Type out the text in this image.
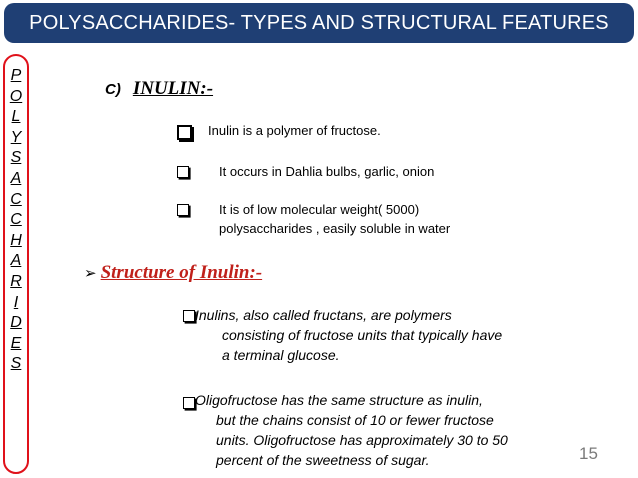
POLYSACCHARIDES- TYPES AND STRUCTURAL FEATURES
P
O
L
Y
S
A
C
C
H
A
R
I
D
E
S
C) INULIN:-
Inulin is a polymer of fructose.
It occurs in Dahlia bulbs, garlic, onion
It is of low molecular weight( 5000)
polysaccharides , easily soluble in water
➢ Structure of Inulin:-
Inulins, also called fructans, are polymers
consisting of fructose units that typically have
a terminal glucose.
Oligofructose has the same structure as inulin,
but the chains consist of 10 or fewer fructose
units. Oligofructose has approximately 30 to 50
percent of the sweetness of sugar.	15
